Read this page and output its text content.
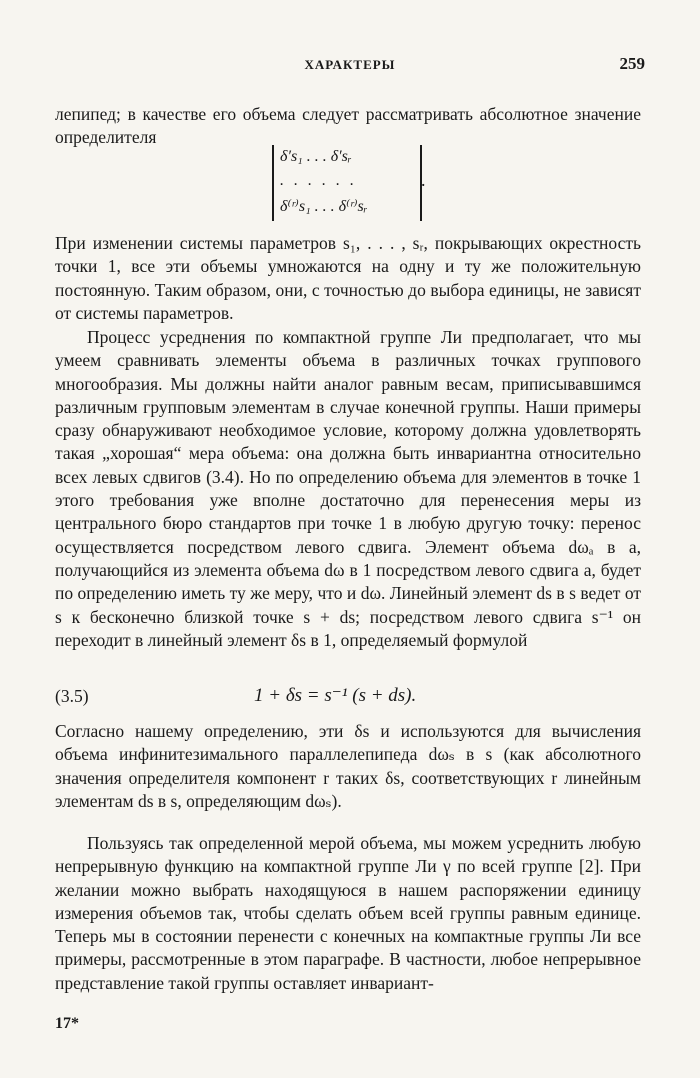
ХАРАКТЕРЫ	259

лепипед; в качестве его объема следует рассматривать абсолютное значение определителя

δ′s₁ . . . δ′sᵣ
. . . . . .
δ⁽ʳ⁾s₁ . . . δ⁽ʳ⁾sᵣ
.

При изменении системы параметров s₁, . . . , sᵣ, покрывающих окрестность точки 1, все эти объемы умножаются на одну и ту же положительную постоянную. Таким образом, они, с точностью до выбора единицы, не зависят от системы параметров.

Процесс усреднения по компактной группе Ли предполагает, что мы умеем сравнивать элементы объема в различных точках группового многообразия. Мы должны найти аналог равным весам, приписывавшимся различным групповым элементам в случае конечной группы. Наши примеры сразу обнаруживают необходимое условие, которому должна удовлетворять такая „хорошая“ мера объема: она должна быть инвариантна относительно всех левых сдвигов (3.4). Но по определению объема для элементов в точке 1 этого требования уже вполне достаточно для перенесения меры из центрального бюро стандартов при точке 1 в любую другую точку: перенос осуществляется посредством левого сдвига. Элемент объема dωₐ в a, получающийся из элемента объема dω в 1 посредством левого сдвига a, будет по определению иметь ту же меру, что и dω. Линейный элемент ds в s ведет от s к бесконечно близкой точке s + ds; посредством левого сдвига s⁻¹ он переходит в линейный элемент δs в 1, определяемый формулой

(3.5)	1 + δs = s⁻¹ (s + ds).

Согласно нашему определению, эти δs и используются для вычисления объема инфинитезимального параллелепипеда dωₛ в s (как абсолютного значения определителя компонент r таких δs, соответствующих r линейным элементам ds в s, определяющим dωₛ).

Пользуясь так определенной мерой объема, мы можем усреднить любую непрерывную функцию на компактной группе Ли γ по всей группе [2]. При желании можно выбрать находящуюся в нашем распоряжении единицу измерения объемов так, чтобы сделать объем всей группы равным единице. Теперь мы в состоянии перенести с конечных на компактные группы Ли все примеры, рассмотренные в этом параграфе. В частности, любое непрерывное представление такой группы оставляет инвариант-

17*
